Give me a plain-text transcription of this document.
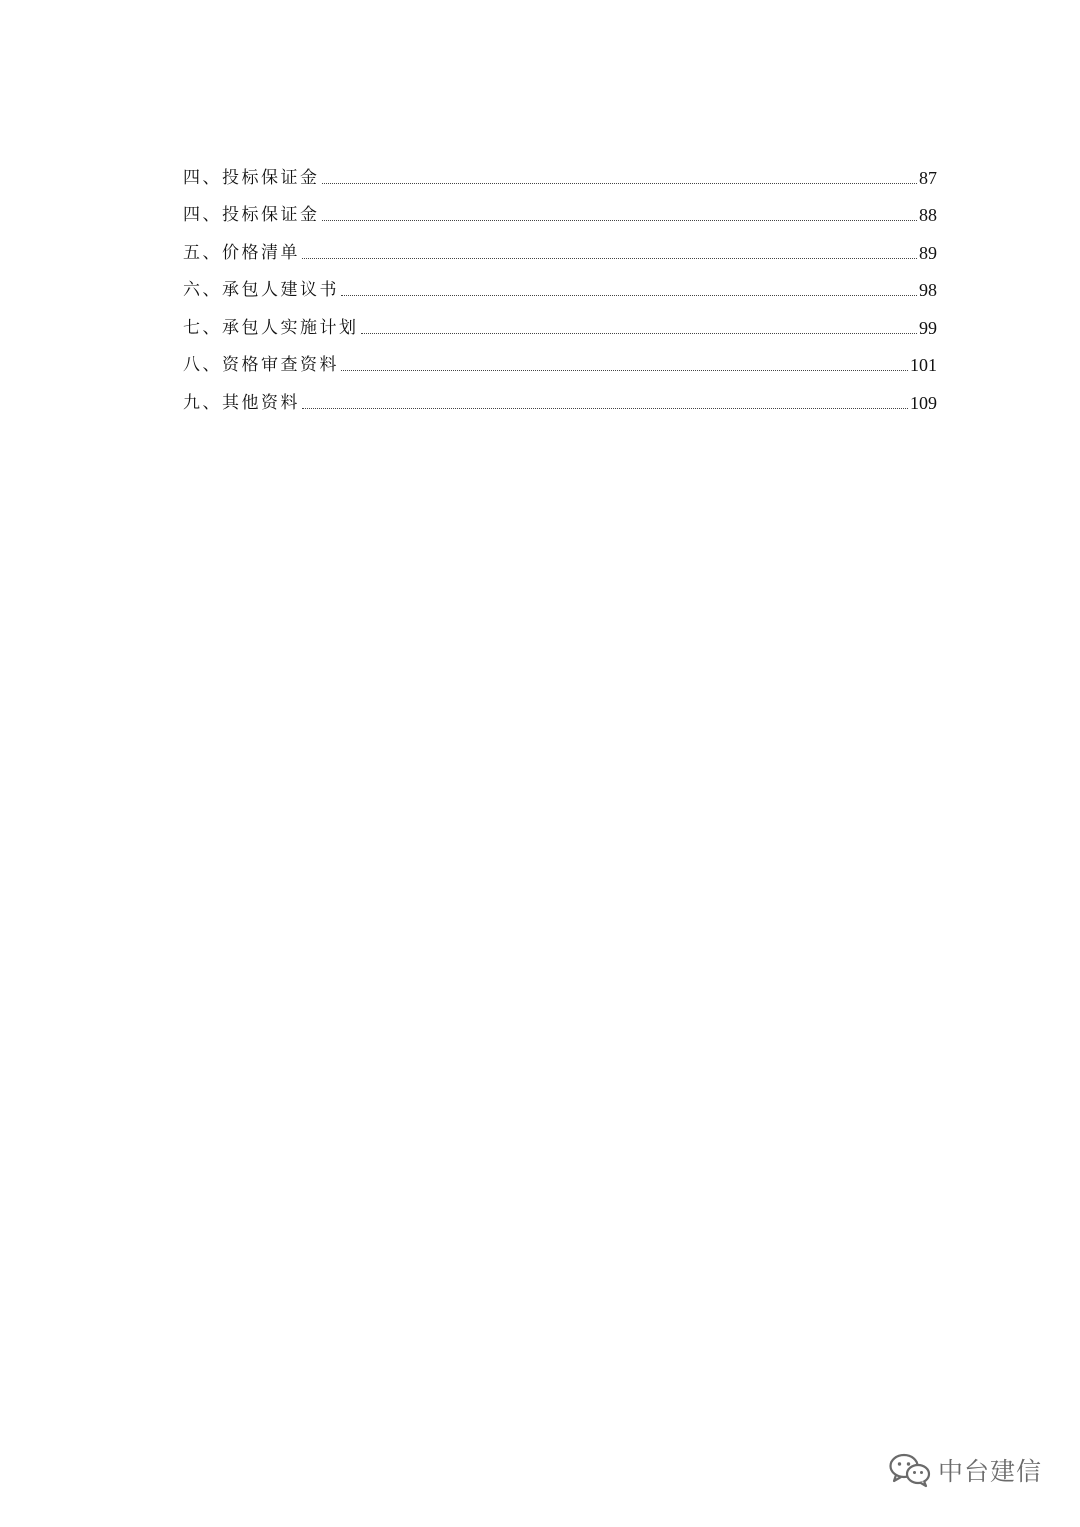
四、投标保证金	87
四、投标保证金	88
五、价格清单	89
六、承包人建议书	98
七、承包人实施计划	99
八、资格审查资料	101
九、其他资料	109
中台建信
